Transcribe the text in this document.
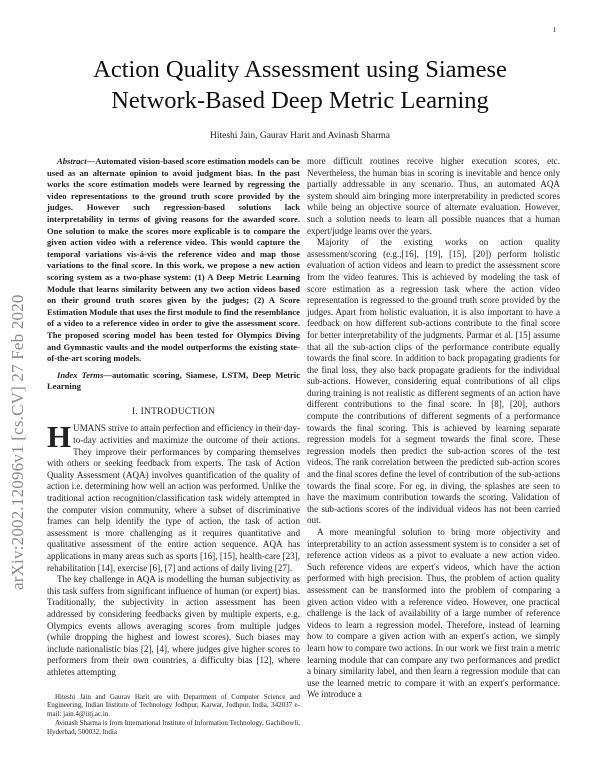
1
arXiv:2002.12096v1 [cs.CV] 27 Feb 2020
Action Quality Assessment using Siamese
Network-Based Deep Metric Learning
Hiteshi Jain, Gaurav Harit and Avinash Sharma

Abstract—Automated vision-based score estimation models can be used as an alternate opinion to avoid judgment bias. In the past works the score estimation models were learned by regressing the video representations to the ground truth score provided by the judges. However such regression-based solutions lack interpretability in terms of giving reasons for the awarded score. One solution to make the scores more explicable is to compare the given action video with a reference video. This would capture the temporal variations vis-á-vis the reference video and map those variations to the final score. In this work, we propose a new action scoring system as a two-phase system: (1) A Deep Metric Learning Module that learns similarity between any two action videos based on their ground truth scores given by the judges; (2) A Score Estimation Module that uses the first module to find the resemblance of a video to a reference video in order to give the assessment score. The proposed scoring model has been tested for Olympics Diving and Gymnastic vaults and the model outperforms the existing state-of-the-art scoring models.

Index Terms—automatic scoring, Siamese, LSTM, Deep Metric Learning

I. INTRODUCTION

HUMANS strive to attain perfection and efficiency in their day-to-day activities and maximize the outcome of their actions. They improve their performances by comparing themselves with others or seeking feedback from experts. The task of Action Quality Assessment (AQA) involves quantification of the quality of action i.e. determining how well an action was performed. Unlike the traditional action recognition/classification task widely attempted in the computer vision community, where a subset of discriminative frames can help identify the type of action, the task of action assessment is more challenging as it requires quantitative and qualitative assessment of the entire action sequence. AQA has applications in many areas such as sports [16], [15], health-care [23], rehabilitation [14], exercise [6], [7] and actions of daily living [27].

The key challenge in AQA is modelling the human subjectivity as this task suffers from significant influence of human (or expert) bias. Traditionally, the subjectivity in action assessment has been addressed by considering feedbacks given by multiple experts, e.g. Olympics events allows averaging scores from multiple judges (while dropping the highest and lowest scores). Such biases may include nationalistic bias [2], [4], where judges give higher scores to performers from their own countries, a difficulty bias [12], where athletes attempting

Hiteshi Jain and Gaurav Harit are with Department of Computer Science and Engineering, Indian Institute of Technology Jodhpur, Karwar, Jodhpur, India, 342037 e-mail: jain.4@iitj.ac.in.

Avinash Sharma is from International Institute of Information Technology, Gachibowli, Hyderbad, 500032, India

more difficult routines receive higher execution scores, etc. Nevertheless, the human bias in scoring is inevitable and hence only partially addressable in any scenario. Thus, an automated AQA system should aim bringing more interpretability in predicted scores while being an objective source of alternate evaluation. However, such a solution needs to learn all possible nuances that a human expert/judge learns over the years.

Majority of the existing works on action quality assessment/scoring (e.g.,[16], [19], [15], [20]) perform holistic evaluation of action videos and learn to predict the assessment score from the video features. This is achieved by modeling the task of score estimation as a regression task where the action video representation is regressed to the ground truth score provided by the judges. Apart from holistic evaluation, it is also important to have a feedback on how different sub-actions contribute to the final score for better interpretability of the judgments. Parmar et al. [15] assume that all the sub-action clips of the performance contribute equally towards the final score. In addition to back propagating gradients for the final loss, they also back propagate gradients for the individual sub-actions. However, considering equal contributions of all clips during training is not realistic as different segments of an action have different contributions to the final score. In [8], [20], authors compute the contributions of different segments of a performance towards the final scoring. This is achieved by learning separate regression models for a segment towards the final score. These regression models then predict the sub-action scores of the test videos. The rank correlation between the predicted sub-action scores and the final scores define the level of contribution of the sub-actions towards the final score. For eg. in diving, the splashes are seen to have the maximum contribution towards the scoring. Validation of the sub-actions scores of the individual videos has not been carried out.

A more meaningful solution to bring more objectivity and interpretability to an action assessment system is to consider a set of reference action videos as a pivot to evaluate a new action video. Such reference videos are expert's videos, which have the action performed with high precision. Thus, the problem of action quality assessment can be transformed into the problem of comparing a given action video with a reference video. However, one practical challenge is the lack of availability of a large number of reference videos to learn a regression model. Therefore, instead of learning how to compare a given action with an expert's action, we simply learn how to compare two actions. In our work we first train a metric learning module that can compare any two performances and predict a binary similarity label, and then learn a regression module that can use the learned metric to compare it with an expert's performance. We introduce a
